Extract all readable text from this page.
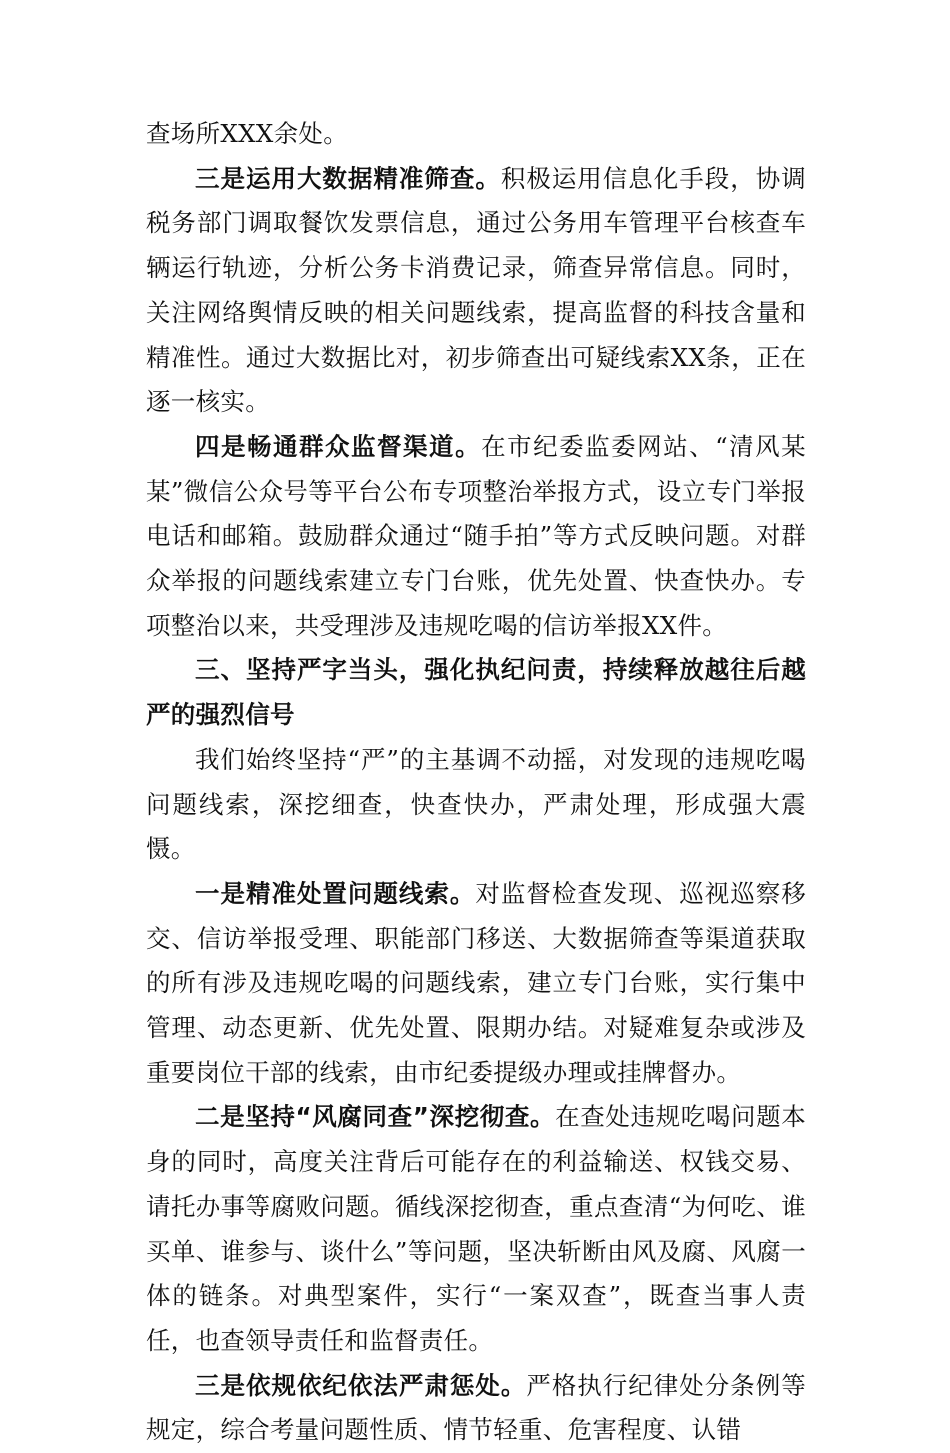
查场所XXX余处。

三是运用大数据精准筛查。积极运用信息化手段，协调税务部门调取餐饮发票信息，通过公务用车管理平台核查车辆运行轨迹，分析公务卡消费记录，筛查异常信息。同时，关注网络舆情反映的相关问题线索，提高监督的科技含量和精准性。通过大数据比对，初步筛查出可疑线索XX条，正在逐一核实。

四是畅通群众监督渠道。在市纪委监委网站、“清风某某”微信公众号等平台公布专项整治举报方式，设立专门举报电话和邮箱。鼓励群众通过“随手拍”等方式反映问题。对群众举报的问题线索建立专门台账，优先处置、快查快办。专项整治以来，共受理涉及违规吃喝的信访举报XX件。

三、坚持严字当头，强化执纪问责，持续释放越往后越严的强烈信号

我们始终坚持“严”的主基调不动摇，对发现的违规吃喝问题线索，深挖细查，快查快办，严肃处理，形成强大震慑。

一是精准处置问题线索。对监督检查发现、巡视巡察移交、信访举报受理、职能部门移送、大数据筛查等渠道获取的所有涉及违规吃喝的问题线索，建立专门台账，实行集中管理、动态更新、优先处置、限期办结。对疑难复杂或涉及重要岗位干部的线索，由市纪委提级办理或挂牌督办。

二是坚持“风腐同查”深挖彻查。在查处违规吃喝问题本身的同时，高度关注背后可能存在的利益输送、权钱交易、请托办事等腐败问题。循线深挖彻查，重点查清“为何吃、谁买单、谁参与、谈什么”等问题，坚决斩断由风及腐、风腐一体的链条。对典型案件，实行“一案双查”，既查当事人责任，也查领导责任和监督责任。

三是依规依纪依法严肃惩处。严格执行纪律处分条例等规定，综合考量问题性质、情节轻重、危害程度、认错
